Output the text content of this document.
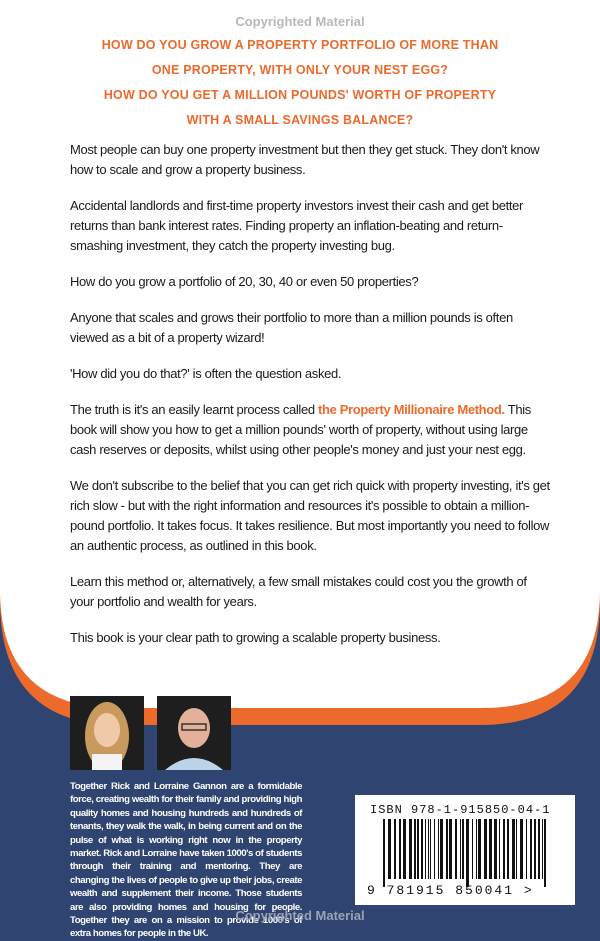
Copyrighted Material
HOW DO YOU GROW A PROPERTY PORTFOLIO OF MORE THAN
ONE PROPERTY, WITH ONLY YOUR NEST EGG?
HOW DO YOU GET A MILLION POUNDS' WORTH OF PROPERTY
WITH A SMALL SAVINGS BALANCE?

Most people can buy one property investment but then they get stuck. They don't know how to scale and grow a property business.

Accidental landlords and first-time property investors invest their cash and get better returns than bank interest rates. Finding property an inflation-beating and return-smashing investment, they catch the property investing bug.

How do you grow a portfolio of 20, 30, 40 or even 50 properties?

Anyone that scales and grows their portfolio to more than a million pounds is often viewed as a bit of a property wizard!

'How did you do that?' is often the question asked.

The truth is it's an easily learnt process called the Property Millionaire Method. This book will show you how to get a million pounds' worth of property, without using large cash reserves or deposits, whilst using other people's money and just your nest egg.

We don't subscribe to the belief that you can get rich quick with property investing, it's get rich slow - but with the right information and resources it's possible to obtain a million-pound portfolio. It takes focus. It takes resilience. But most importantly you need to follow an authentic process, as outlined in this book.

Learn this method or, alternatively, a few small mistakes could cost you the growth of your portfolio and wealth for years.

This book is your clear path to growing a scalable property business.

Together Rick and Lorraine Gannon are a formidable force, creating wealth for their family and providing high quality homes and housing hundreds and hundreds of tenants, they walk the walk, in being current and on the pulse of what is working right now in the property market. Rick and Lorraine have taken 1000's of students through their training and mentoring. They are changing the lives of people to give up their jobs, create wealth and supplement their income. Those students are also providing homes and housing for people. Together they are on a mission to provide 1000's of extra homes for people in the UK.
ISBN 978-1-915850-04-1
9 781915 850041 >
Copyrighted Material
